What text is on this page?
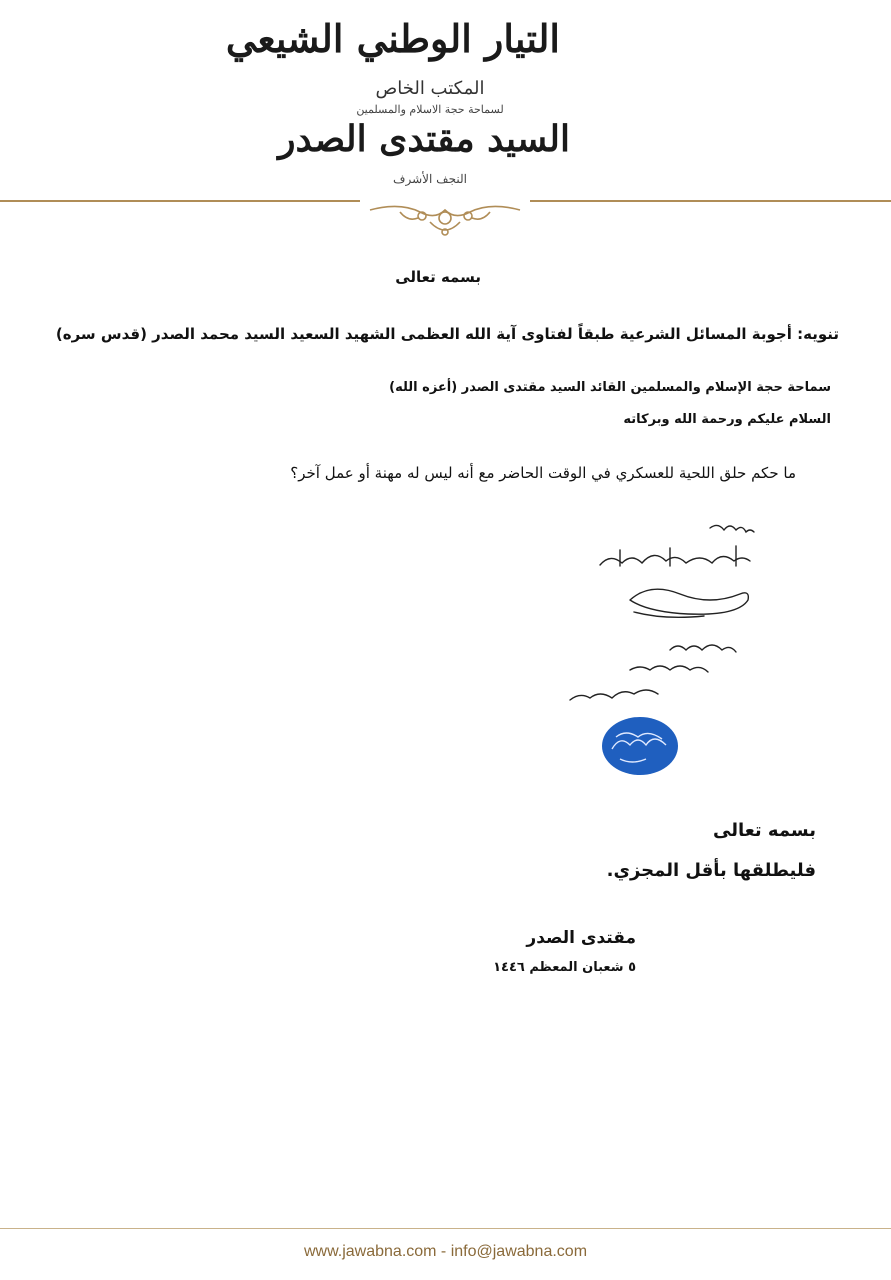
التيار الوطني الشيعي
المكتب الخاص
لسماحة حجة الاسلام والمسلمين
السيد مقتدى الصدر
النجف الأشرف
بسمه تعالى
تنويه: أجوبة المسائل الشرعية طبقاً لفتاوى آية الله العظمى الشهيد السعيد السيد محمد الصدر (قدس سره)
سماحة حجة الإسلام والمسلمين القائد السيد مقتدى الصدر (أعزه الله)
السلام عليكم ورحمة الله وبركاته
ما حكم حلق اللحية للعسكري في الوقت الحاضر مع أنه ليس له مهنة أو عمل آخر؟
بسمه تعالى
فليطلقها بأقل المجزي.
مقتدى الصدر
٥ شعبان المعظم ١٤٤٦
www.jawabna.com - info@jawabna.com
